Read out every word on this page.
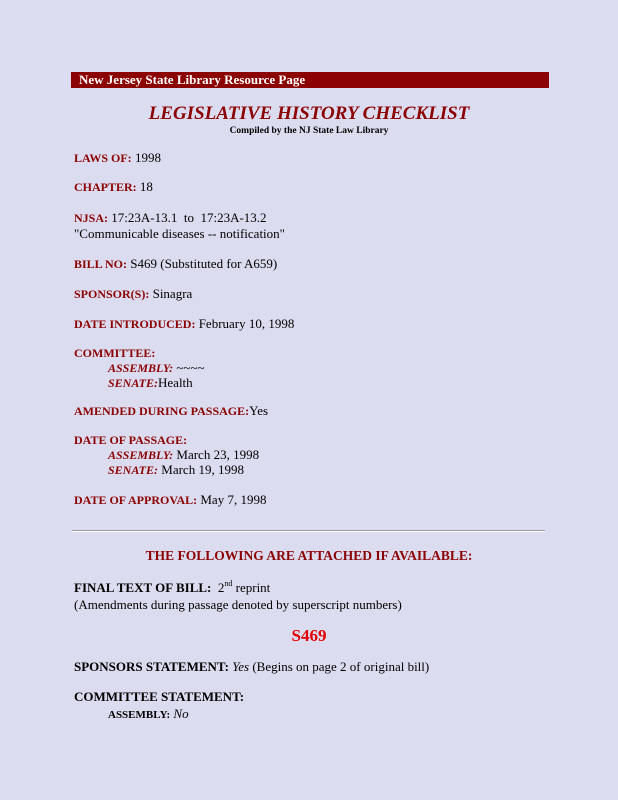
New Jersey State Library Resource Page
LEGISLATIVE HISTORY CHECKLIST
Compiled by the NJ State Law Library
LAWS OF: 1998
CHAPTER: 18
NJSA: 17:23A-13.1  to  17:23A-13.2
"Communicable diseases -- notification"
BILL NO: S469 (Substituted for A659)
SPONSOR(S): Sinagra
DATE INTRODUCED: February 10, 1998
COMMITTEE:
ASSEMBLY: ~~~~
SENATE:Health
AMENDED DURING PASSAGE:Yes
DATE OF PASSAGE:
ASSEMBLY: March 23, 1998
SENATE: March 19, 1998
DATE OF APPROVAL: May 7, 1998
THE FOLLOWING ARE ATTACHED IF AVAILABLE:
FINAL TEXT OF BILL: 2nd reprint
(Amendments during passage denoted by superscript numbers)
S469
SPONSORS STATEMENT: Yes (Begins on page 2 of original bill)
COMMITTEE STATEMENT:
ASSEMBLY: No
